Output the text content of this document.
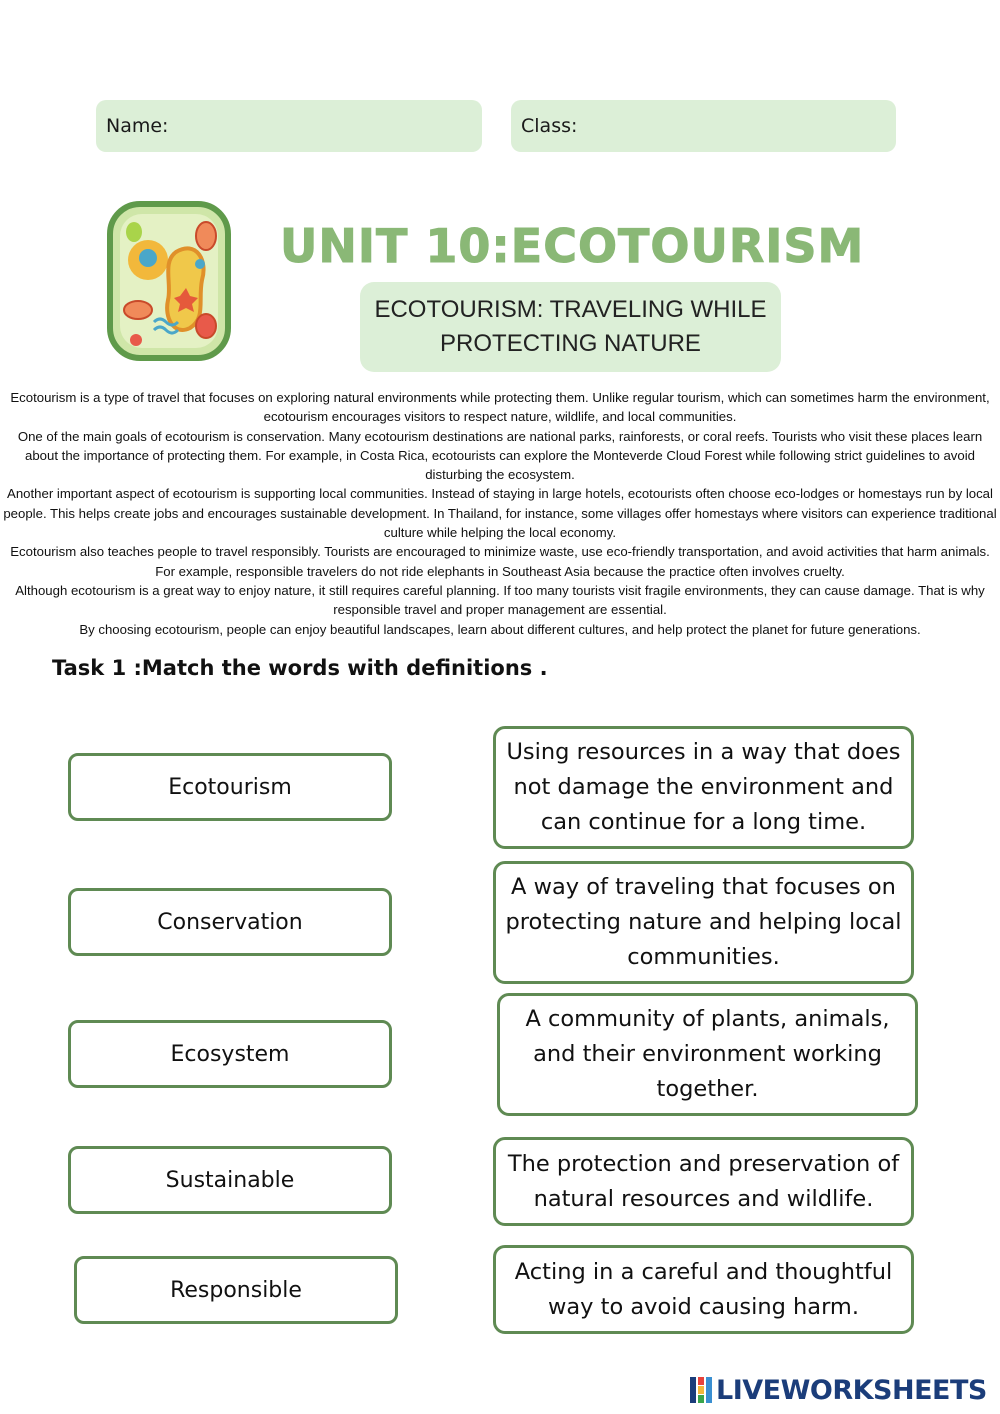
Name:	Class:
UNIT 10:ECOTOURISM
ECOTOURISM: TRAVELING WHILE PROTECTING NATURE

Ecotourism is a type of travel that focuses on exploring natural environments while protecting them. Unlike regular tourism, which can sometimes harm the environment, ecotourism encourages visitors to respect nature, wildlife, and local communities.

One of the main goals of ecotourism is conservation. Many ecotourism destinations are national parks, rainforests, or coral reefs. Tourists who visit these places learn about the importance of protecting them. For example, in Costa Rica, ecotourists can explore the Monteverde Cloud Forest while following strict guidelines to avoid disturbing the ecosystem.

Another important aspect of ecotourism is supporting local communities. Instead of staying in large hotels, ecotourists often choose eco-lodges or homestays run by local people. This helps create jobs and encourages sustainable development. In Thailand, for instance, some villages offer homestays where visitors can experience traditional culture while helping the local economy.

Ecotourism also teaches people to travel responsibly. Tourists are encouraged to minimize waste, use eco-friendly transportation, and avoid activities that harm animals. For example, responsible travelers do not ride elephants in Southeast Asia because the practice often involves cruelty.

Although ecotourism is a great way to enjoy nature, it still requires careful planning. If too many tourists visit fragile environments, they can cause damage. That is why responsible travel and proper management are essential.

By choosing ecotourism, people can enjoy beautiful landscapes, learn about different cultures, and help protect the planet for future generations.

Task 1 :Match the words with definitions .
Ecotourism
Conservation
Ecosystem
Sustainable
Responsible
Using resources in a way that does not damage the environment and can continue for a long time.
A way of traveling that focuses on protecting nature and helping local communities.
A community of plants, animals, and their environment working together.
The protection and preservation of natural resources and wildlife.
Acting in a careful and thoughtful way to avoid causing harm.
LIVEWORKSHEETS
